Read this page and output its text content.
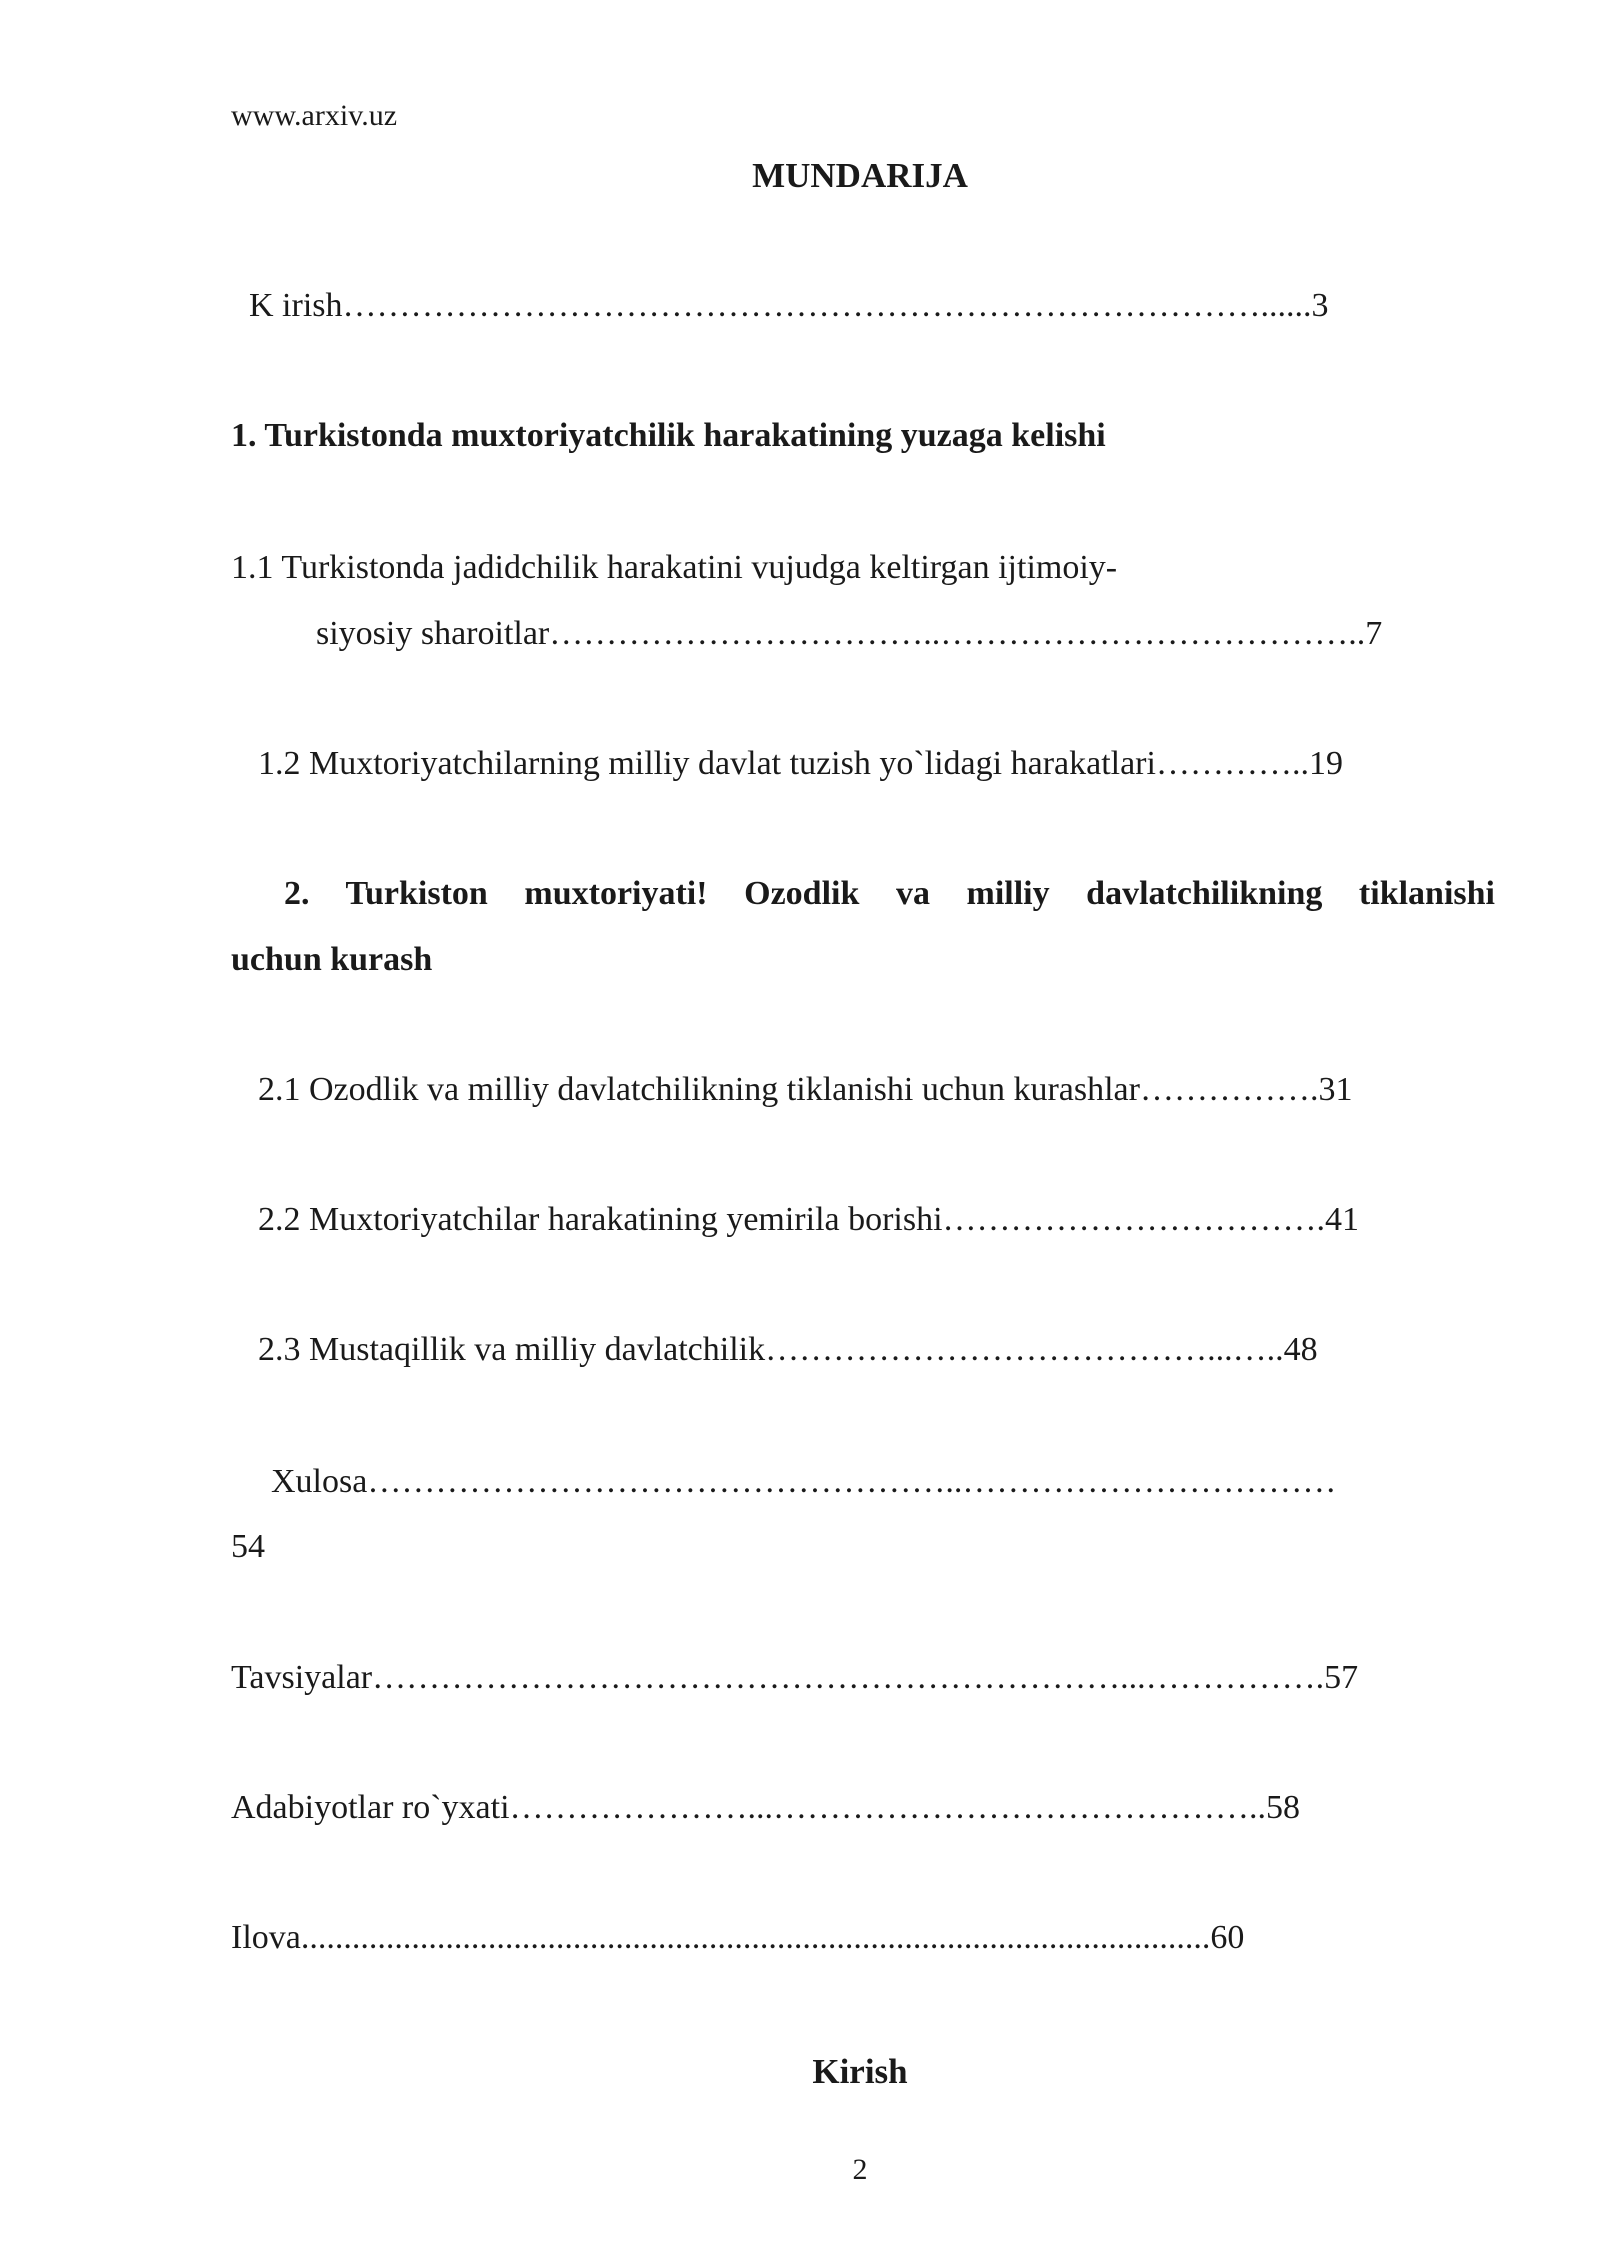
www.arxiv.uz
MUNDARIJA
K irish………………………………………………………………………......3
1. Turkistonda muxtoriyatchilik harakatining yuzaga kelishi
1.1 Turkistonda jadidchilik harakatini vujudga keltirgan ijtimoiy-
siyosiy sharoitlar……………………………..………………………………..7
1.2 Muxtoriyatchilarning milliy davlat tuzish yo`lidagi harakatlari…………..19
2. Turkiston muxtoriyati! Ozodlik va milliy davlatchilikning tiklanishi
uchun kurash
2.1 Ozodlik va milliy davlatchilikning tiklanishi uchun kurashlar…………….31
2.2 Muxtoriyatchilar harakatining yemirila borishi…………………………….41
2.3 Mustaqillik va milliy davlatchilik…………………………………...…..48
Xulosa……………………………………………..……………………………
54
Tavsiyalar…………………………………………………………...…………….57
Adabiyotlar ro`yxati…………………...……………………………………..58
Ilova...........................................................................................................60
Kirish
2
